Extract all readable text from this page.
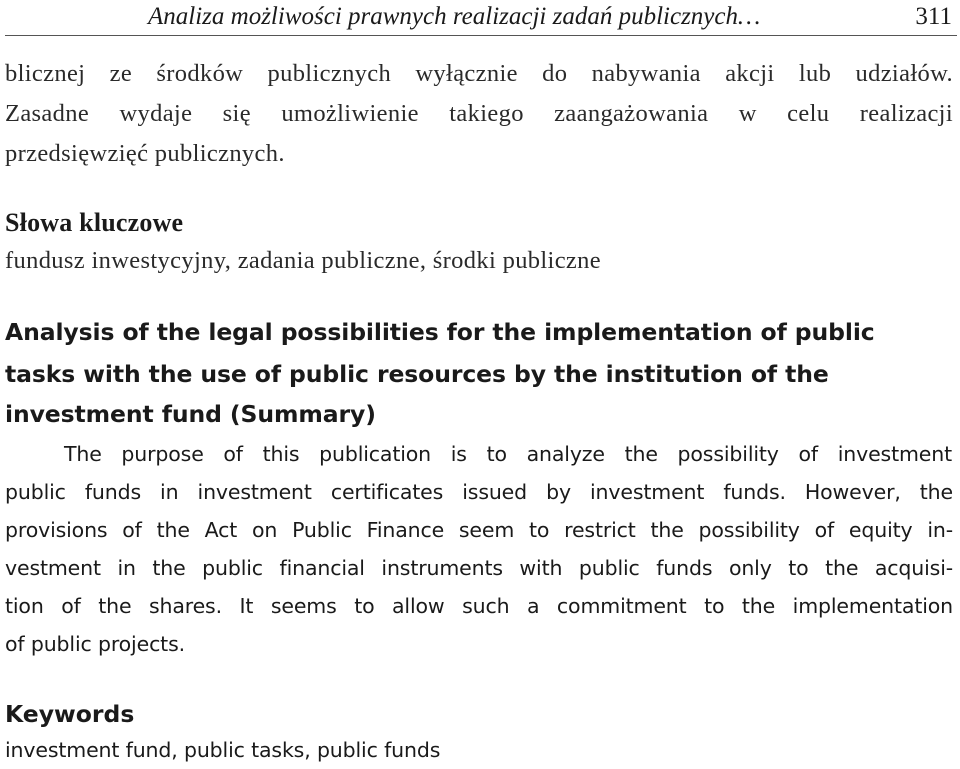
Analiza możliwości prawnych realizacji zadań publicznych…	311
blicznej ze środków publicznych wyłącznie do nabywania akcji lub udziałów.
Zasadne wydaje się umożliwienie takiego zaangażowania w celu realizacji
przedsięwzięć publicznych.
Słowa kluczowe
fundusz inwestycyjny, zadania publiczne, środki publiczne
Analysis of the legal possibilities for the implementation of public
tasks with the use of public resources by the institution of the
investment fund (Summary)
The purpose of this publication is to analyze the possibility of investment
public funds in investment certificates issued by investment funds. However, the
provisions of the Act on Public Finance seem to restrict the possibility of equity in-
vestment in the public financial instruments with public funds only to the acquisi-
tion of the shares. It seems to allow such a commitment to the implementation
of public projects.
Keywords
investment fund, public tasks, public funds
